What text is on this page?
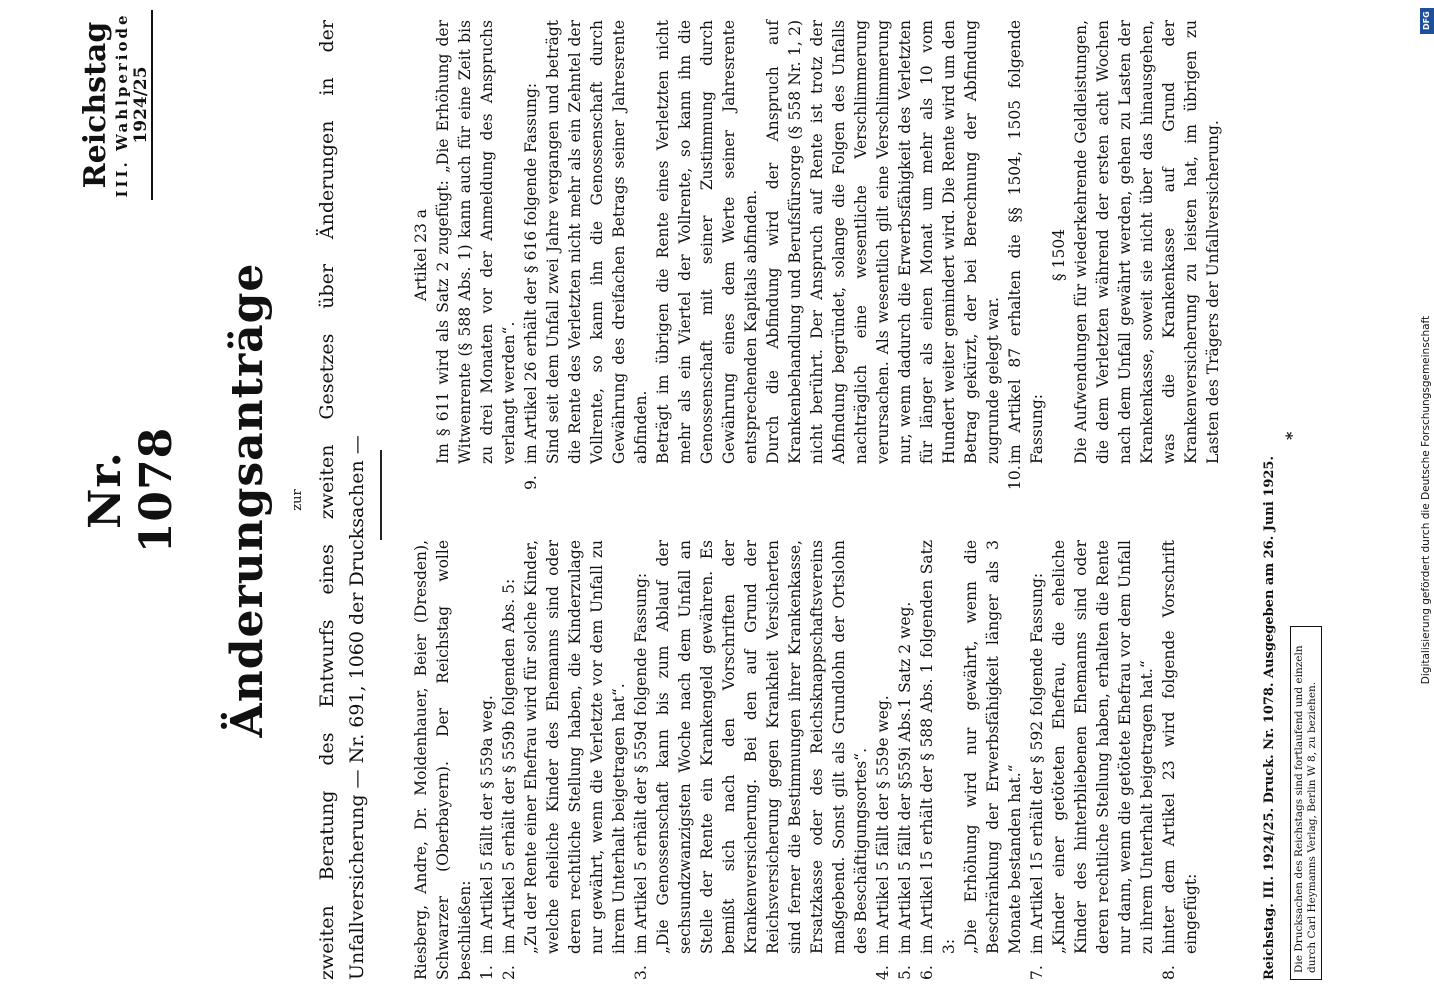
Reichstag III. Wahlperiode 1924/25
Nr. 1078 Änderungsanträge zur zweiten Beratung des Entwurfs eines zweiten Gesetzes über Änderungen in der Unfallversicherung — Nr. 691, 1060 der Drucksachen —	Riesberg, Andre, Dr. Moldenhauer, Beier (Dresden), Schwarzer (Oberbayern). Der Reichstag wolle beschließen: 1.
im Artikel 5 fällt der § 559a weg.
2.
im Artikel 5 erhält der § 559b folgenden Abs. 5: „Zu der Rente einer Ehefrau wird für solche Kinder, welche eheliche Kinder des Ehemanns sind oder deren rechtliche Stellung haben, die Kinderzulage nur gewährt, wenn die Verletzte vor dem Unfall zu ihrem Unterhalt beigetragen hat“.

3.
im Artikel 5 erhält der § 559d folgende Fassung: „Die Genossenschaft kann bis zum Ablauf der sechsundzwanzigsten Woche nach dem Unfall an Stelle der Rente ein Krankengeld gewähren. Es bemißt sich nach den Vorschriften der Krankenversicherung. Bei den auf Grund der Reichsversicherung gegen Krankheit Versicherten sind ferner die Bestimmungen ihrer Krankenkasse, Ersatzkasse oder des Reichsknappschaftsvereins maßgebend. Sonst gilt als Grundlohn der Ortslohn des Beschäftigungsortes“.

4.
im Artikel 5 fällt der § 559e weg.
5.
im Artikel 5 fällt der §559i Abs.1 Satz 2 weg.
6.
im Artikel 15 erhält der § 588 Abs. 1 folgenden Satz 3: „Die Erhöhung wird nur gewährt, wenn die Beschränkung der Erwerbsfähigkeit länger als 3 Monate bestanden hat.“

7.
im Artikel 15 erhält der § 592 folgende Fassung: „Kinder einer getöteten Ehefrau, die eheliche Kinder des hinterbliebenen Ehemanns sind oder deren rechtliche Stellung haben, erhalten die Rente nur dann, wenn die getötete Ehefrau vor dem Unfall zu ihrem Unterhalt beigetragen hat.“

8.
hinter dem Artikel 23 wird folgende Vorschrift eingefügt:

Artikel 23 a Im § 611 wird als Satz 2 zugefügt: „Die Erhöhung der Witwenrente (§ 588 Abs. 1) kann auch für eine Zeit bis zu drei Monaten vor der Anmeldung des Anspruchs verlangt werden“.

9.
im Artikel 26 erhält der § 616 folgende Fassung: Sind seit dem Unfall zwei Jahre vergangen und beträgt die Rente des Verletzten nicht mehr als ein Zehntel der Vollrente, so kann ihn die Genossenschaft durch Gewährung des dreifachen Betrags seiner Jahresrente abfinden. Beträgt im übrigen die Rente eines Verletzten nicht mehr als ein Viertel der Vollrente, so kann ihn die Genossenschaft mit seiner Zustimmung durch Gewährung eines dem Werte seiner Jahresrente entsprechenden Kapitals abfinden. Durch die Abfindung wird der Anspruch auf Krankenbehandlung und Berufsfürsorge (§ 558 Nr. 1, 2) nicht berührt. Der Anspruch auf Rente ist trotz der Abfindung begründet, solange die Folgen des Unfalls nachträglich eine wesentliche Verschlimmerung verursachen. Als wesentlich gilt eine Verschlimmerung nur, wenn dadurch die Erwerbsfähigkeit des Verletzten für länger als einen Monat um mehr als 10 vom Hundert weiter gemindert wird. Die Rente wird um den Betrag gekürzt, der bei Berechnung der Abfindung zugrunde gelegt war.

10.
im Artikel 87 erhalten die §§ 1504, 1505 folgende Fassung:

§ 1504 Die Aufwendungen für wiederkehrende Geldleistungen, die dem Verletzten während der ersten acht Wochen nach dem Unfall gewährt werden, gehen zu Lasten der Krankenkasse, soweit sie nicht über das hinausgehen, was die Krankenkasse auf Grund der Krankenversicherung zu leisten hat, im übrigen zu Lasten des Trägers der Unfallversicherung.

Reichstag. III. 1924/25. Druck. Nr. 1078. Ausgegeben am 26. Juni 1925.
*
Die Drucksachen des Reichstags sind fortlaufend und einzeln durch Carl Heymanns Verlag, Berlin W 8, zu beziehen.
DFG
Digitalisierung gefördert durch die Deutsche Forschungsgemeinschaft
